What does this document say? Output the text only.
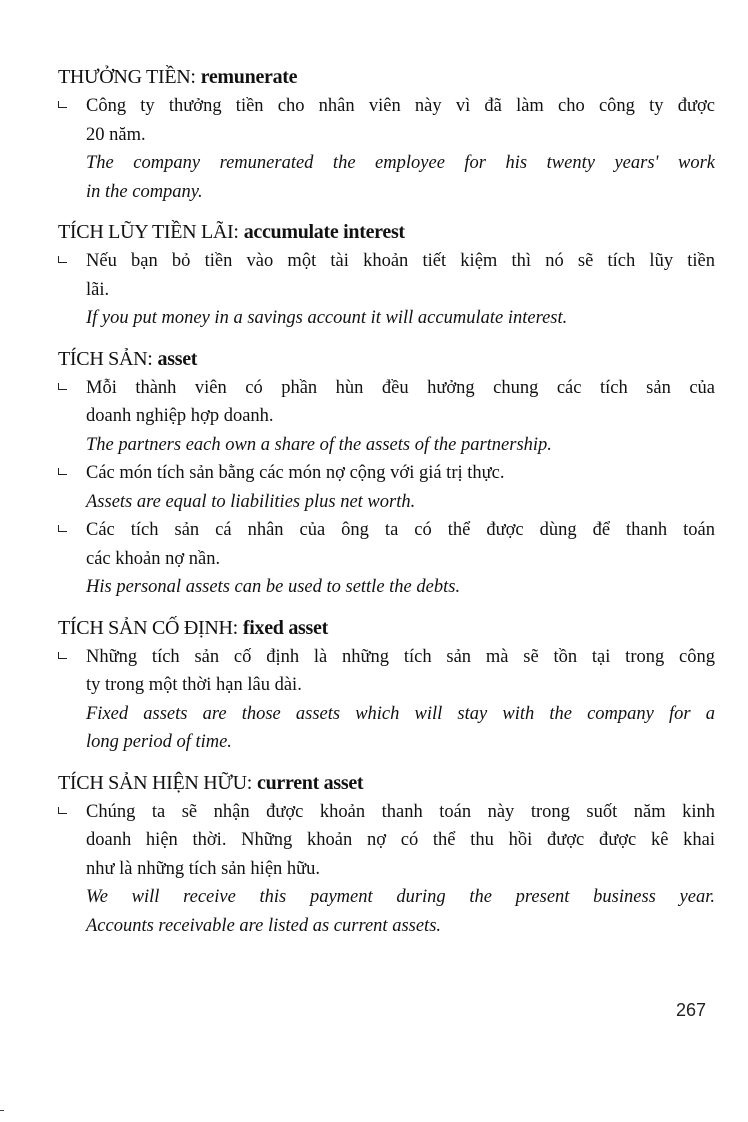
THƯỞNG TIỀN: remunerate
Công ty thưởng tiền cho nhân viên này vì đã làm cho công ty được
20 năm.
The company remunerated the employee for his twenty years' work
in the company.
TÍCH LŨY TIỀN LÃI: accumulate interest
Nếu bạn bỏ tiền vào một tài khoản tiết kiệm thì nó sẽ tích lũy tiền
lãi.
If you put money in a savings account it will accumulate interest.
TÍCH SẢN: asset
Mỗi thành viên có phần hùn đều hưởng chung các tích sản của
doanh nghiệp hợp doanh.
The partners each own a share of the assets of the partnership.
Các món tích sản bằng các món nợ cộng với giá trị thực.
Assets are equal to liabilities plus net worth.
Các tích sản cá nhân của ông ta có thể được dùng để thanh toán
các khoản nợ nần.
His personal assets can be used to settle the debts.
TÍCH SẢN CỐ ĐỊNH: fixed asset
Những tích sản cố định là những tích sản mà sẽ tồn tại trong công
ty trong một thời hạn lâu dài.
Fixed assets are those assets which will stay with the company for a
long period of time.
TÍCH SẢN HIỆN HỮU: current asset
Chúng ta sẽ nhận được khoản thanh toán này trong suốt năm kinh
doanh hiện thời. Những khoản nợ có thể thu hồi được được kê khai
như là những tích sản hiện hữu.
We will receive this payment during the present business year.
Accounts receivable are listed as current assets.
267
